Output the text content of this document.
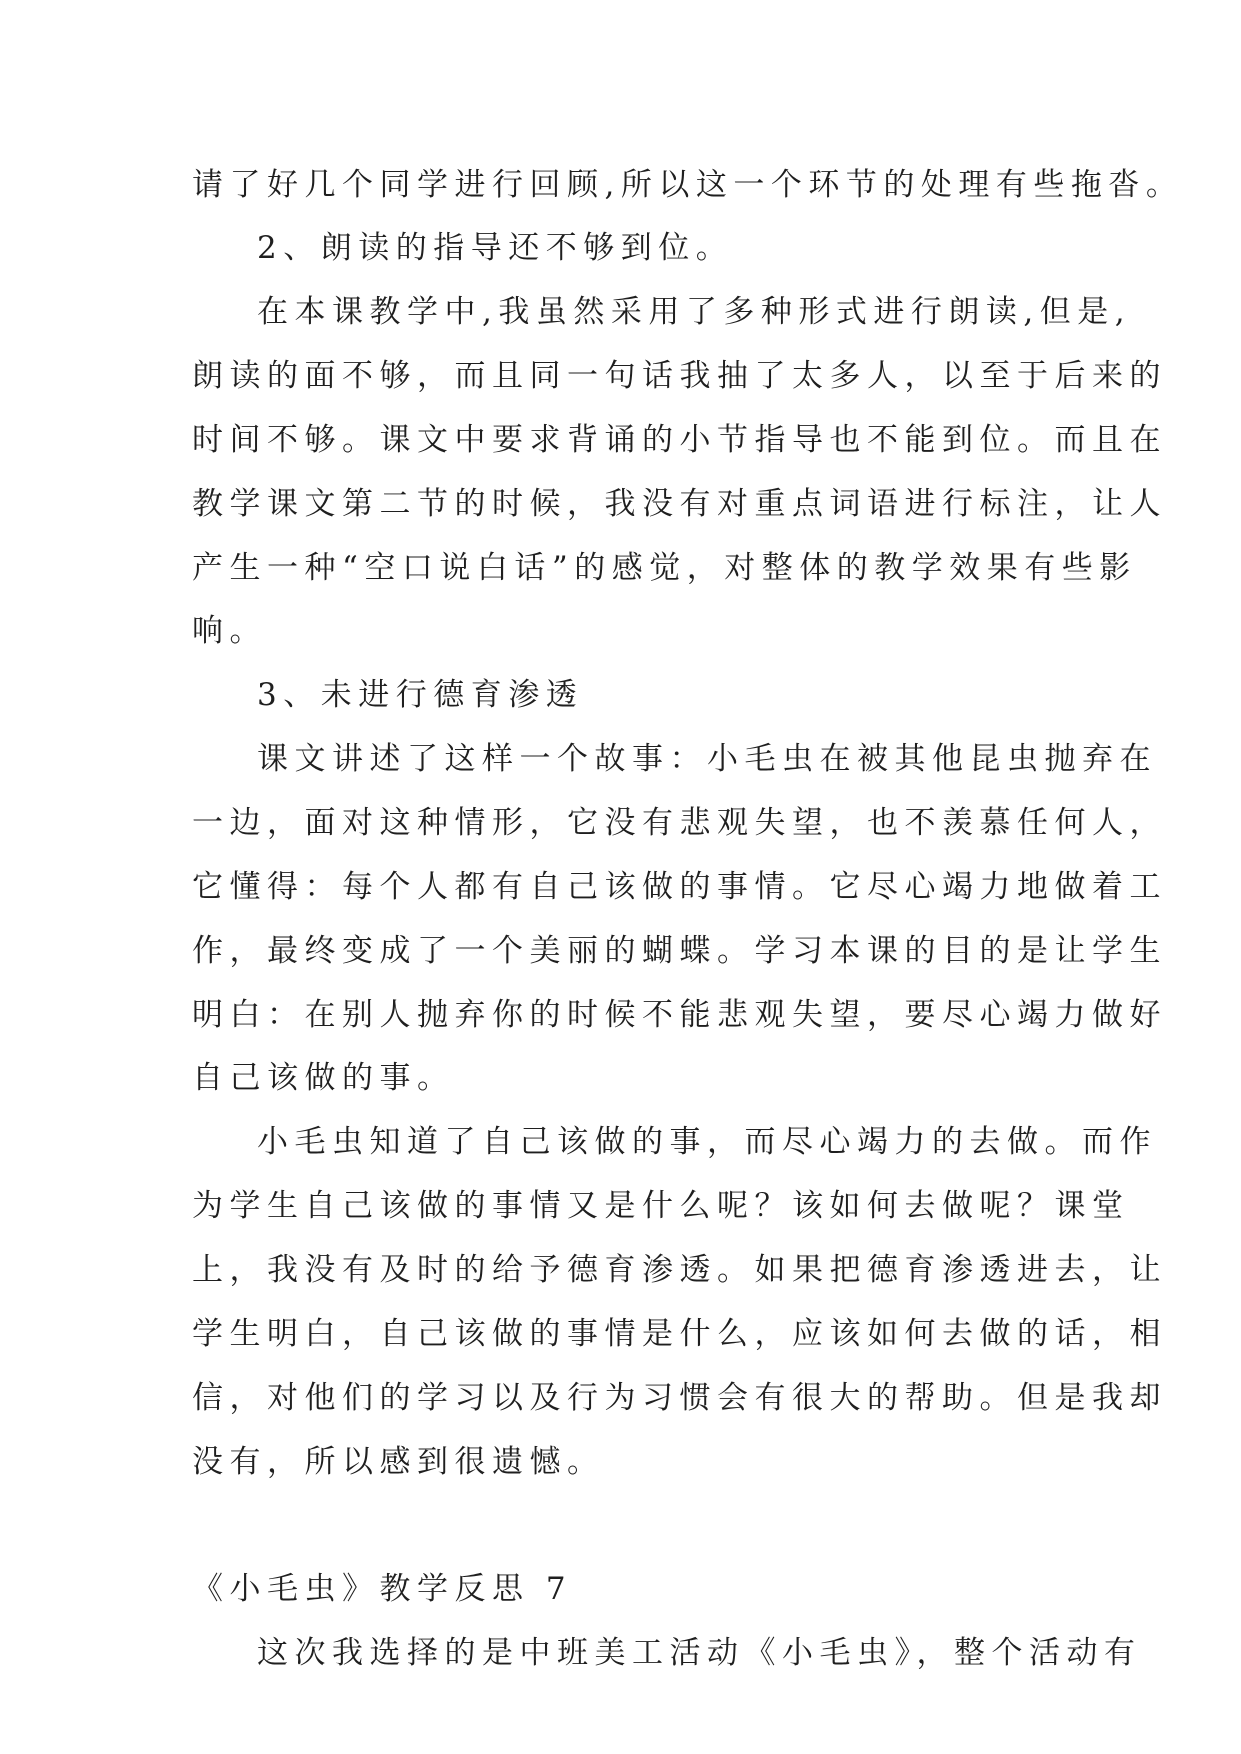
请了好几个同学进行回顾,所以这一个环节的处理有些拖沓。

2、朗读的指导还不够到位。

在本课教学中,我虽然采用了多种形式进行朗读,但是,

朗读的面不够，而且同一句话我抽了太多人，以至于后来的

时间不够。课文中要求背诵的小节指导也不能到位。而且在

教学课文第二节的时候，我没有对重点词语进行标注，让人

产生一种“空口说白话”的感觉，对整体的教学效果有些影

响。

3、未进行德育渗透

课文讲述了这样一个故事：小毛虫在被其他昆虫抛弃在

一边，面对这种情形，它没有悲观失望，也不羡慕任何人，

它懂得：每个人都有自己该做的事情。它尽心竭力地做着工

作，最终变成了一个美丽的蝴蝶。学习本课的目的是让学生

明白：在别人抛弃你的时候不能悲观失望，要尽心竭力做好

自己该做的事。

小毛虫知道了自己该做的事，而尽心竭力的去做。而作

为学生自己该做的事情又是什么呢？该如何去做呢？课堂

上，我没有及时的给予德育渗透。如果把德育渗透进去，让

学生明白，自己该做的事情是什么，应该如何去做的话，相

信，对他们的学习以及行为习惯会有很大的帮助。但是我却

没有，所以感到很遗憾。

《小毛虫》教学反思 7

这次我选择的是中班美工活动《小毛虫》，整个活动有
